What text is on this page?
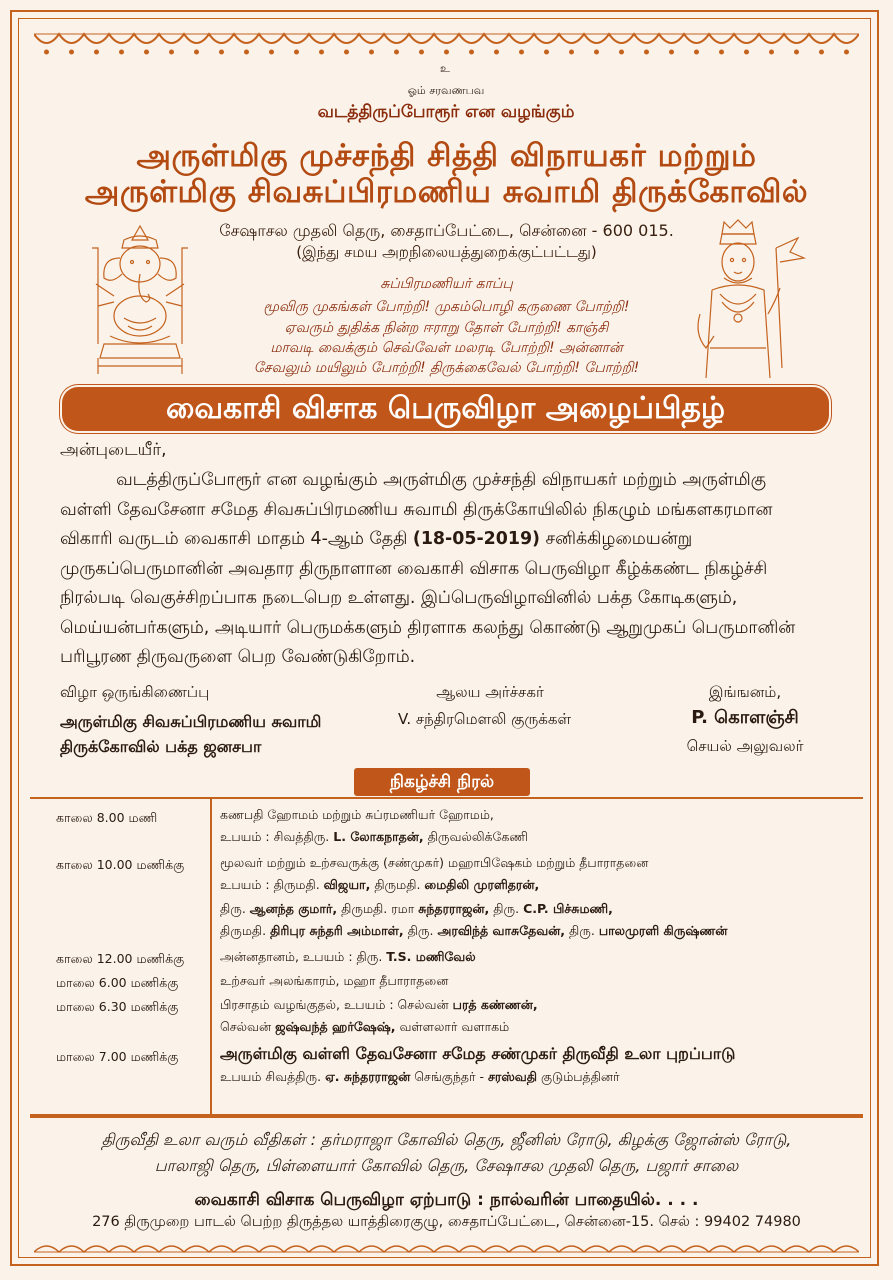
உ
ஓம் சரவணபவ
வடத்திருப்போரூர் என வழங்கும்
அருள்மிகு முச்சந்தி சித்தி விநாயகர் மற்றும்
அருள்மிகு சிவசுப்பிரமணிய சுவாமி திருக்கோவில்
சேஷாசல முதலி தெரு, சைதாப்பேட்டை, சென்னை - 600 015.
(இந்து சமய அறநிலையத்துறைக்குட்பட்டது)
சுப்பிரமணியர் காப்பு
மூவிரு முகங்கள் போற்றி! முகம்பொழி கருணை போற்றி!
ஏவரும் துதிக்க நின்ற ஈராறு தோள் போற்றி! காஞ்சி
மாவடி வைக்கும் செவ்வேள் மலரடி போற்றி! அன்னான்
சேவலும் மயிலும் போற்றி! திருக்கைவேல் போற்றி! போற்றி!
வைகாசி விசாக பெருவிழா அழைப்பிதழ்
அன்புடையீர்,
வடத்திருப்போரூர் என வழங்கும் அருள்மிகு முச்சந்தி விநாயகர் மற்றும் அருள்மிகு
வள்ளி தேவசேனா சமேத சிவசுப்பிரமணிய சுவாமி திருக்கோயிலில் நிகழும் மங்களகரமான
விகாரி வருடம் வைகாசி மாதம் 4-ஆம் தேதி (18-05-2019) சனிக்கிழமையன்று
முருகப்பெருமானின் அவதார திருநாளான வைகாசி விசாக பெருவிழா கீழ்க்கண்ட நிகழ்ச்சி
நிரல்படி வெகுச்சிறப்பாக நடைபெற உள்ளது. இப்பெருவிழாவினில் பக்த கோடிகளும்,
மெய்யன்பர்களும், அடியார் பெருமக்களும் திரளாக கலந்து கொண்டு ஆறுமுகப் பெருமானின்
பரிபூரண திருவருளை பெற வேண்டுகிறோம்.
விழா ஒருங்கிணைப்பு
அருள்மிகு சிவசுப்பிரமணிய சுவாமி
திருக்கோவில் பக்த ஜனசபா
ஆலய அர்ச்சகர்
V. சந்திரமௌலி குருக்கள்
இங்ஙனம்,
P. கொளஞ்சி
செயல் அலுவலர்
நிகழ்ச்சி நிரல்
காலை 8.00 மணி	கணபதி ஹோமம் மற்றும் சுப்ரமணியர் ஹோமம்,
உபயம் : சிவத்திரு. L. லோகநாதன், திருவல்லிக்கேணி
காலை 10.00 மணிக்கு	மூலவர் மற்றும் உற்சவருக்கு (சண்முகர்) மஹாபிஷேகம் மற்றும் தீபாராதனை
உபயம் : திருமதி. விஜயா, திருமதி. மைதிலி முரளிதரன்,
திரு. ஆனந்த குமார், திருமதி. ரமா சுந்தரராஜன், திரு. C.P. பிச்சுமணி,
திருமதி. திரிபுர சுந்தரி அம்மாள், திரு. அரவிந்த் வாசுதேவன், திரு. பாலமுரளி கிருஷ்ணன்
காலை 12.00 மணிக்கு	அன்னதானம், உபயம் : திரு. T.S. மணிவேல்
மாலை 6.00 மணிக்கு	உற்சவர் அலங்காரம், மஹா தீபாராதனை
மாலை 6.30 மணிக்கு	பிரசாதம் வழங்குதல், உபயம் : செல்வன் பரத் கண்ணன்,
செல்வன் ஜஷ்வந்த் ஹர்ஷேஷ், வள்ளலார் வளாகம்
மாலை 7.00 மணிக்கு	அருள்மிகு வள்ளி தேவசேனா சமேத சண்முகர் திருவீதி உலா புறப்பாடு
உபயம் சிவத்திரு. ஏ. சுந்தரராஜன் செங்குந்தர் - சரஸ்வதி குடும்பத்தினர்
திருவீதி உலா வரும் வீதிகள் : தர்மராஜா கோவில் தெரு, ஜீனிஸ் ரோடு, கிழக்கு ஜோன்ஸ் ரோடு,
பாலாஜி தெரு, பிள்ளையார் கோவில் தெரு, சேஷாசல முதலி தெரு, பஜார் சாலை
வைகாசி விசாக பெருவிழா ஏற்பாடு : நால்வரின் பாதையில். . . .
276 திருமுறை பாடல் பெற்ற திருத்தல யாத்திரைகுழு, சைதாப்பேட்டை, சென்னை-15. செல் : 99402 74980
